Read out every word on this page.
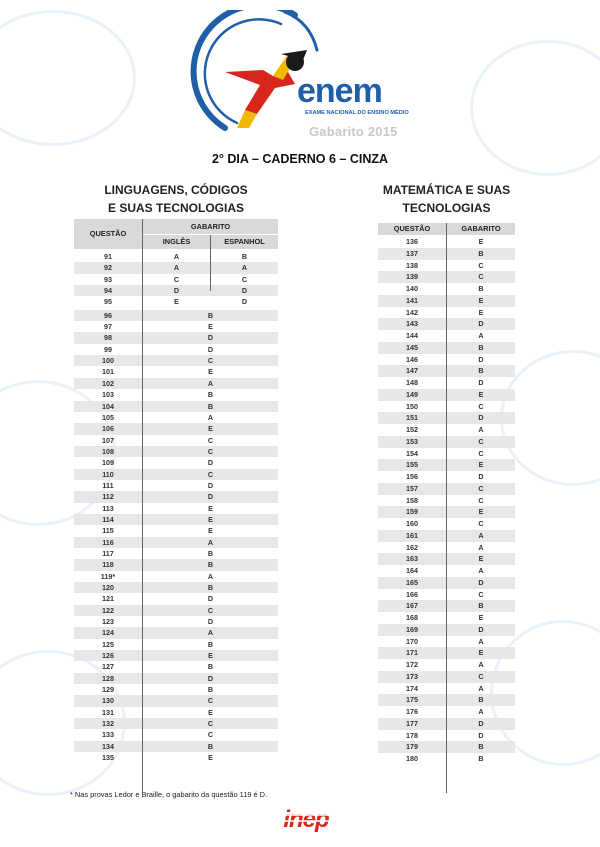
enem
EXAME NACIONAL DO ENSINO MÉDIO
Gabarito 2015
2° DIA – CADERNO 6 – CINZA
LINGUAGENS, CÓDIGOS
E SUAS TECNOLOGIAS
QUESTÃO
GABARITO
INGLÊS	ESPANHOL
91	A	B
92	A	A
93	C	C
94	D	D
95	E	D
96	B
97	E
98	D
99	D
100	C
101	E
102	A
103	B
104	B
105	A
106	E
107	C
108	C
109	D
110	C
111	D
112	D
113	E
114	E
115	E
116	A
117	B
118	B
119*	A
120	B
121	D
122	C
123	D
124	A
125	B
126	E
127	B
128	D
129	B
130	C
131	E
132	C
133	C
134	B
135	E
MATEMÁTICA E SUAS
TECNOLOGIAS
QUESTÃO	GABARITO
136	E
137	B
138	C
139	C
140	B
141	E
142	E
143	D
144	A
145	B
146	D
147	B
148	D
149	E
150	C
151	D
152	A
153	C
154	C
155	E
156	D
157	C
158	C
159	E
160	C
161	A
162	A
163	E
164	A
165	D
166	C
167	B
168	E
169	D
170	A
171	E
172	A
173	C
174	A
175	B
176	A
177	D
178	D
179	B
180	B
* Nas provas Ledor e Braille, o gabarito da questão 119 é D.
inep
